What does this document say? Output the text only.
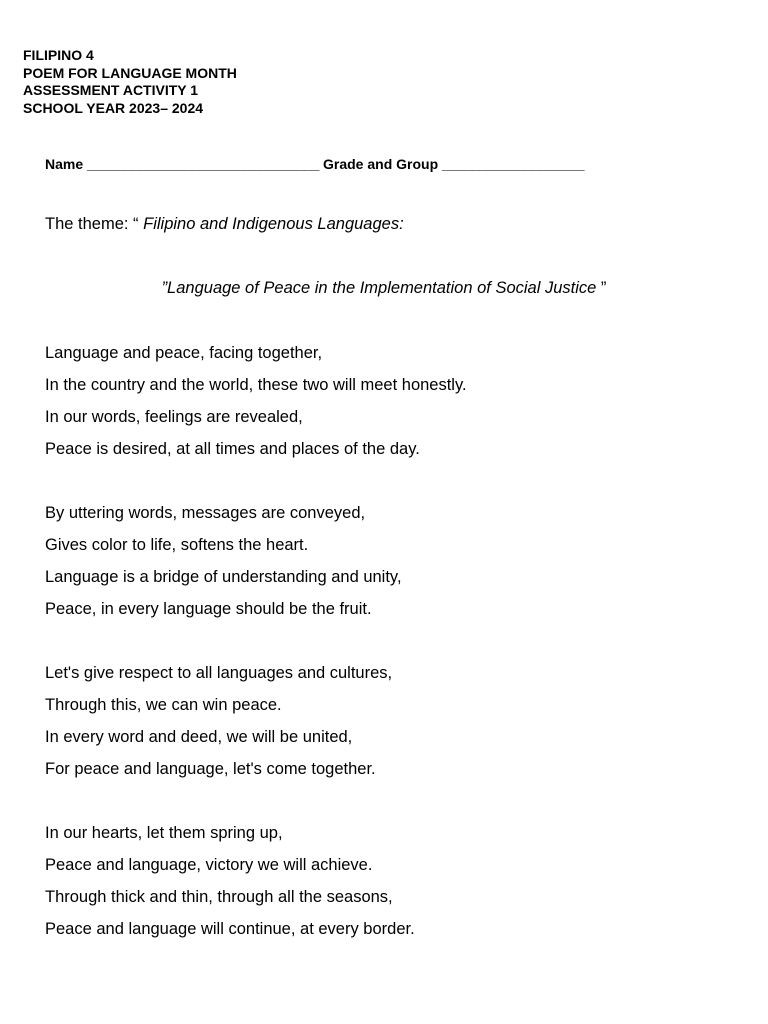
FILIPINO 4
POEM FOR LANGUAGE MONTH
ASSESSMENT ACTIVITY 1
SCHOOL YEAR 2023– 2024
Name _______________________________ Grade and Group ___________________
The theme: “ Filipino and Indigenous Languages:
”Language of Peace in the Implementation of Social Justice ”
Language and peace, facing together,
In the country and the world, these two will meet honestly.
In our words, feelings are revealed,
Peace is desired, at all times and places of the day.
By uttering words, messages are conveyed,
Gives color to life, softens the heart.
Language is a bridge of understanding and unity,
Peace, in every language should be the fruit.
Let's give respect to all languages and cultures,
Through this, we can win peace.
In every word and deed, we will be united,
For peace and language, let's come together.
In our hearts, let them spring up,
Peace and language, victory we will achieve.
Through thick and thin, through all the seasons,
Peace and language will continue, at every border.
